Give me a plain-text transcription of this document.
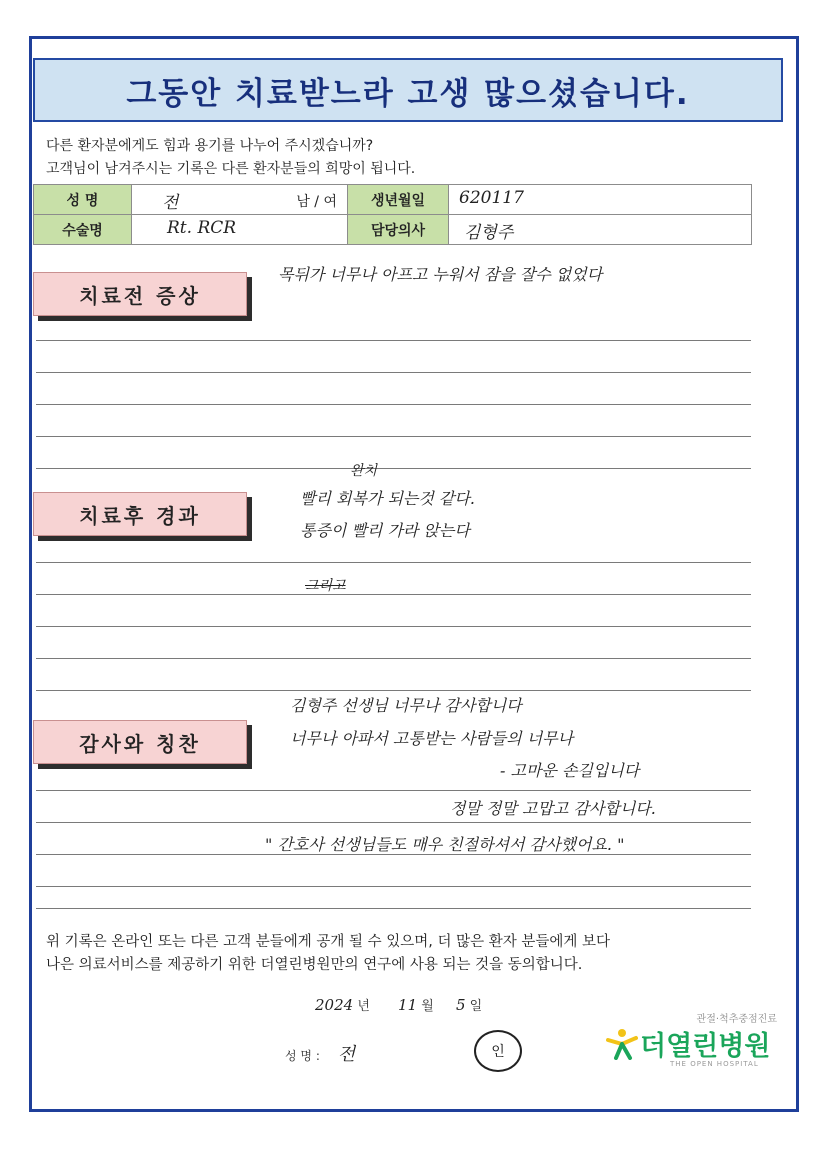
그동안 치료받느라 고생 많으셨습니다.
다른 환자분에게도 힘과 용기를 나누어 주시겠습니까?
고객님이 남겨주시는 기록은 다른 환자분들의 희망이 됩니다.
성 명	전 남 / 여	생년월일	620117

수술명	Rt. RCR	담당의사	김형주
치료전 증상
목뒤가 너무나 아프고 누워서 잠을 잘수 없었다
치료후 경과
완치
빨리 회복가 되는것 같다.
통증이 빨리 가라 앉는다
그리고
감사와 칭찬
김형주 선생님 너무나 감사합니다
너무나 아파서 고통받는 사람들의 너무나
- 고마운 손길입니다
정말 정말 고맙고 감사합니다.
" 간호사 선생님들도 매우 친절하셔서 감사했어요. "
위 기록은 온라인 또는 다른 고객 분들에게 공개 될 수 있으며, 더 많은 환자 분들에게 보다
나은 의료서비스를 제공하기 위한 더열린병원만의 연구에 사용 되는 것을 동의합니다.
2024 년 11 월 5 일
성 명 : 전	인
관절·척추중점진료
더열린병원
THE OPEN HOSPITAL
